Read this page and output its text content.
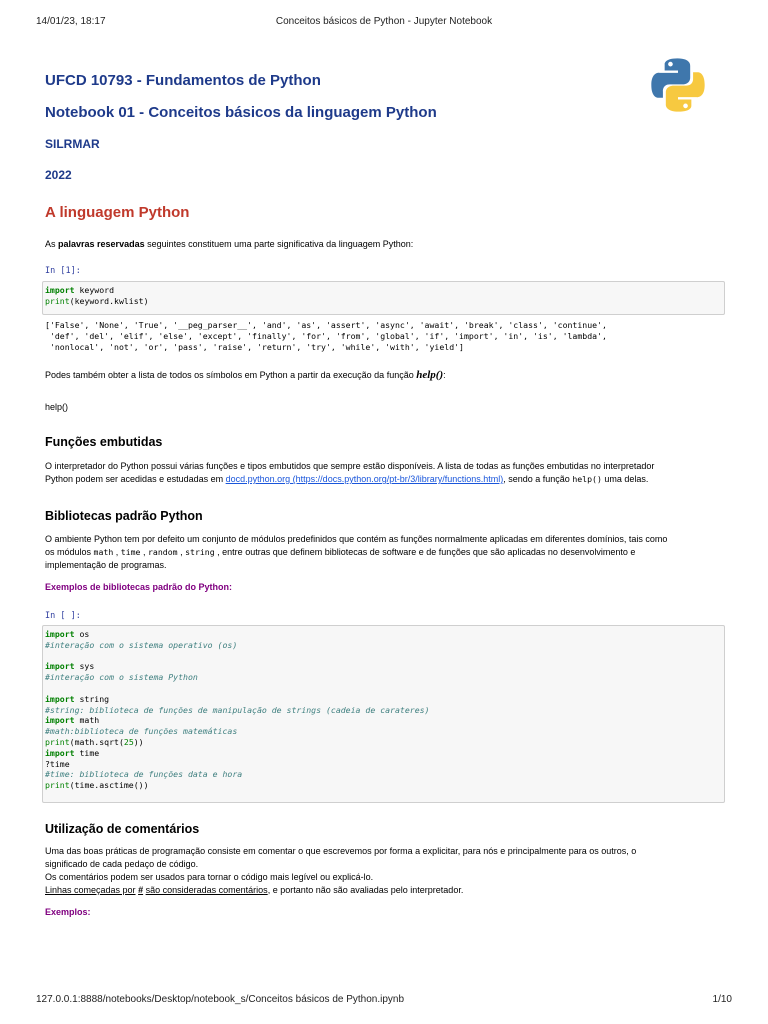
14/01/23, 18:17	Conceitos básicos de Python - Jupyter Notebook
UFCD 10793 - Fundamentos de Python
Notebook 01 - Conceitos básicos da linguagem Python
SILRMAR
2022
A linguagem Python

As palavras reservadas seguintes constituem uma parte significativa da linguagem Python:

In [1]:
import keyword
print(keyword.kwlist)
['False', 'None', 'True', '__peg_parser__', 'and', 'as', 'assert', 'async', 'await', 'break', 'class', 'continue',
'def', 'del', 'elif', 'else', 'except', 'finally', 'for', 'from', 'global', 'if', 'import', 'in', 'is', 'lambda',
'nonlocal', 'not', 'or', 'pass', 'raise', 'return', 'try', 'while', 'with', 'yield']

Podes também obter a lista de todos os símbolos em Python a partir da execução da função help():

help()

Funções embutidas

O interpretador do Python possui várias funções e tipos embutidos que sempre estão disponíveis. A lista de todas as funções embutidas no interpretador
Python podem ser acedidas e estudadas em docd.python.org (https://docs.python.org/pt-br/3/library/functions.html), sendo a função help() uma delas.

Bibliotecas padrão Python

O ambiente Python tem por defeito um conjunto de módulos predefinidos que contém as funções normalmente aplicadas em diferentes domínios, tais como
os módulos math , time , random , string , entre outras que definem bibliotecas de software e de funções que são aplicadas no desenvolvimento e
implementação de programas.

Exemplos de bibliotecas padrão do Python:

In [ ]:
import os
#interação com o sistema operativo (os)

import sys
#interação com o sistema Python

import string
#string: biblioteca de funções de manipulação de strings (cadeia de carateres)
import math
#math:biblioteca de funções matemáticas
print(math.sqrt(25))
import time
?time
#time: biblioteca de funções data e hora
print(time.asctime())
Utilização de comentários

Uma das boas práticas de programação consiste em comentar o que escrevemos por forma a explicitar, para nós e principalmente para os outros, o
significado de cada pedaço de código.
Os comentários podem ser usados para tornar o código mais legível ou explicá-lo.
Linhas começadas por # são consideradas comentários, e portanto não são avaliadas pelo interpretador.

Exemplos:

127.0.0.1:8888/notebooks/Desktop/notebook_s/Conceitos básicos de Python.ipynb	1/10
